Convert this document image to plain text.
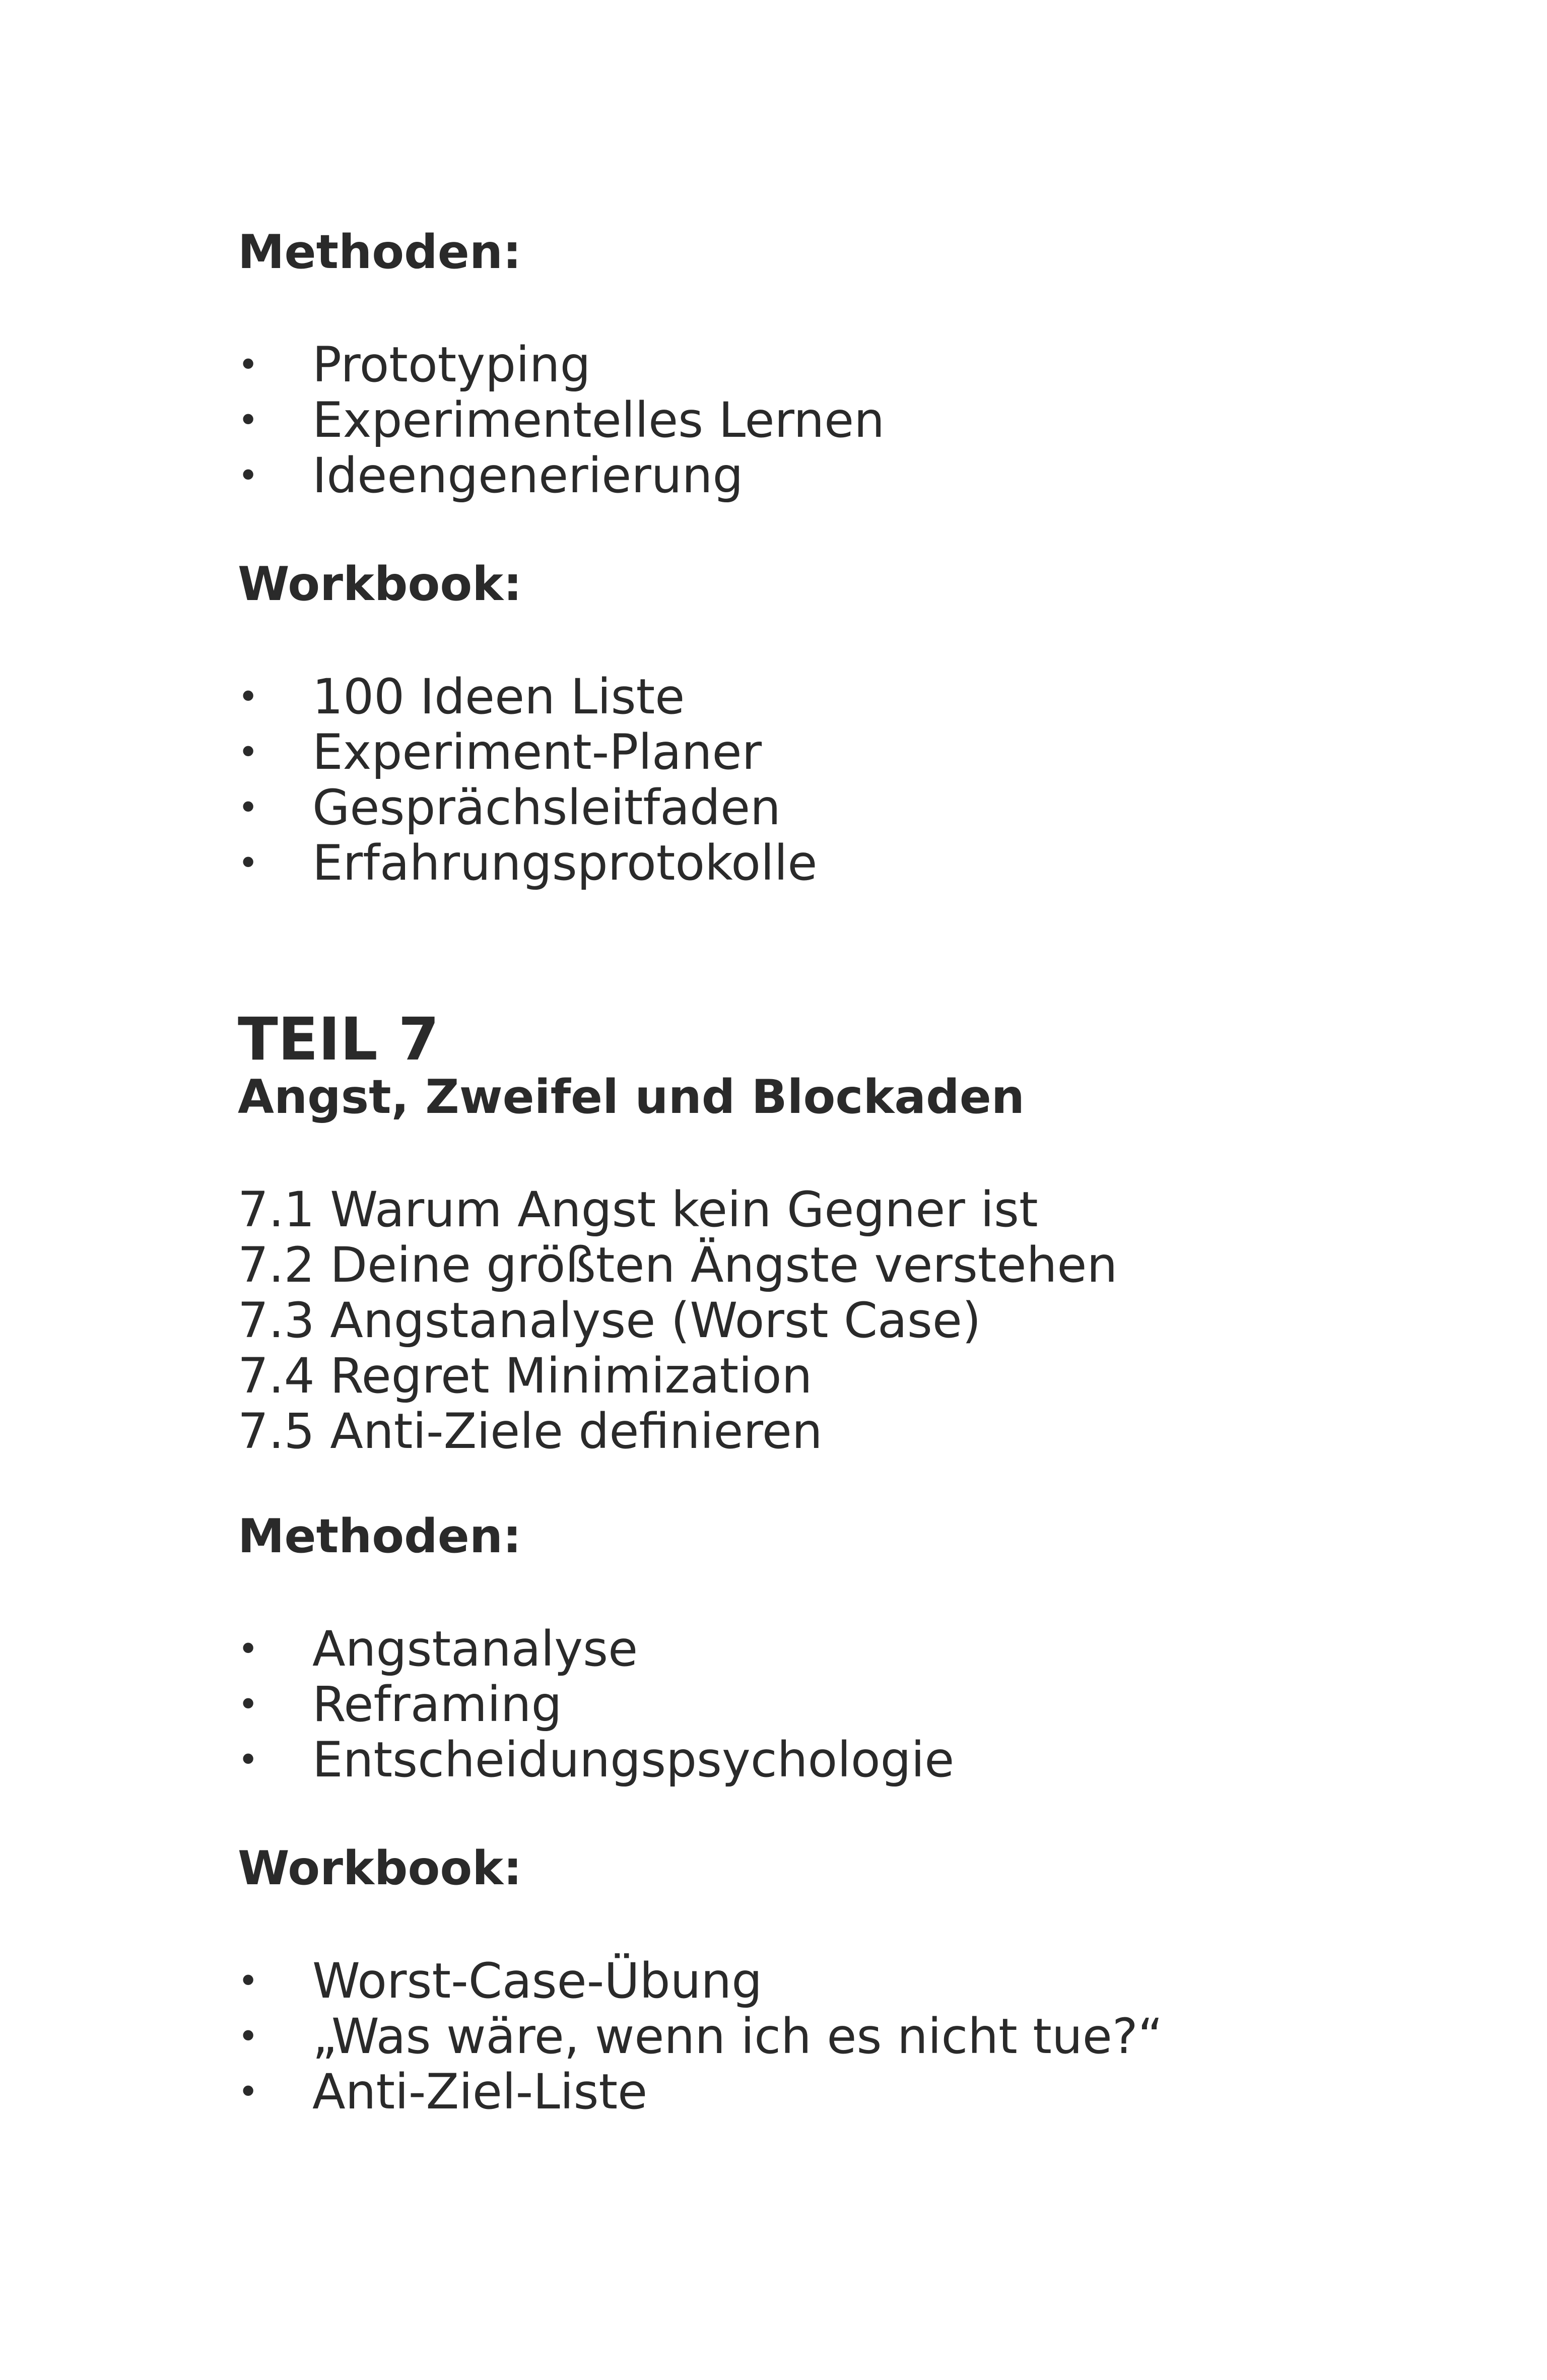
Methoden:
• Prototyping
• Experimentelles Lernen
• Ideengenerierung
Workbook:
• 100 Ideen Liste
• Experiment-Planer
• Gesprächsleitfaden
• Erfahrungsprotokolle
TEIL 7
Angst, Zweifel und Blockaden
7.1 Warum Angst kein Gegner ist
7.2 Deine größten Ängste verstehen
7.3 Angstanalyse (Worst Case)
7.4 Regret Minimization
7.5 Anti-Ziele definieren
Methoden:
• Angstanalyse
• Reframing
• Entscheidungspsychologie
Workbook:
• Worst-Case-Übung
• „Was wäre, wenn ich es nicht tue?“
• Anti-Ziel-Liste
